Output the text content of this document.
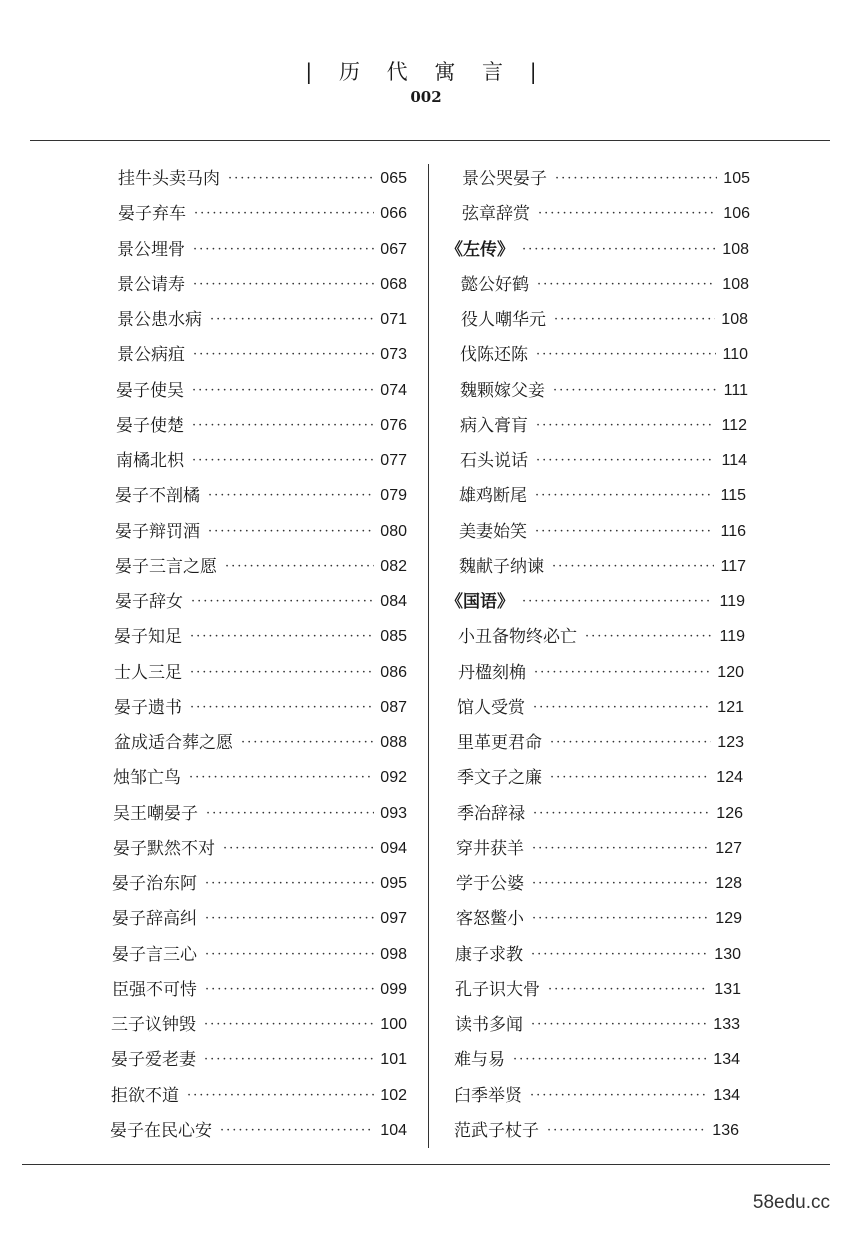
| 历 代 寓 言 |
002
挂牛头卖马肉 ·····	065
晏子弃车 ·····	066
景公埋骨 ·····	067
景公请寿 ·····	068
景公患水病 ·····	071
景公病疽 ·····	073
晏子使吴 ·····	074
晏子使楚 ·····	076
南橘北枳 ·····	077
晏子不剖橘 ·····	079
晏子辩罚酒 ·····	080
晏子三言之愿 ·····	082
晏子辞女 ·····	084
晏子知足 ·····	085
士人三足 ·····	086
晏子遗书 ·····	087
盆成适合葬之愿 ·····	088
烛邹亡鸟 ·····	092
吴王嘲晏子 ·····	093
晏子默然不对 ·····	094
晏子治东阿 ·····	095
晏子辞高纠 ·····	097
晏子言三心 ·····	098
臣强不可恃 ·····	099
三子议钟毁 ·····	100
晏子爱老妻 ·····	101
拒欲不道 ·····	102
晏子在民心安 ·····	104
景公哭晏子 ·····	105
弦章辞赏 ·····	106
《左传》 ·····	108
懿公好鹤 ·····	108
役人嘲华元 ·····	108
伐陈还陈 ·····	110
魏颗嫁父妾 ·····	111
病入膏肓 ·····	112
石头说话 ·····	114
雄鸡断尾 ·····	115
美妻始笑 ·····	116
魏献子纳谏 ·····	117
《国语》 ·····	119
小丑备物终必亡 ·····	119
丹楹刻桷 ·····	120
馆人受赏 ·····	121
里革更君命 ·····	123
季文子之廉 ·····	124
季冶辞禄 ·····	126
穿井获羊 ·····	127
学于公婆 ·····	128
客怒鳖小 ·····	129
康子求教 ·····	130
孔子识大骨 ·····	131
读书多闻 ·····	133
难与易 ·····	134
臼季举贤 ·····	134
范武子杖子 ·····	136
58edu.cc
